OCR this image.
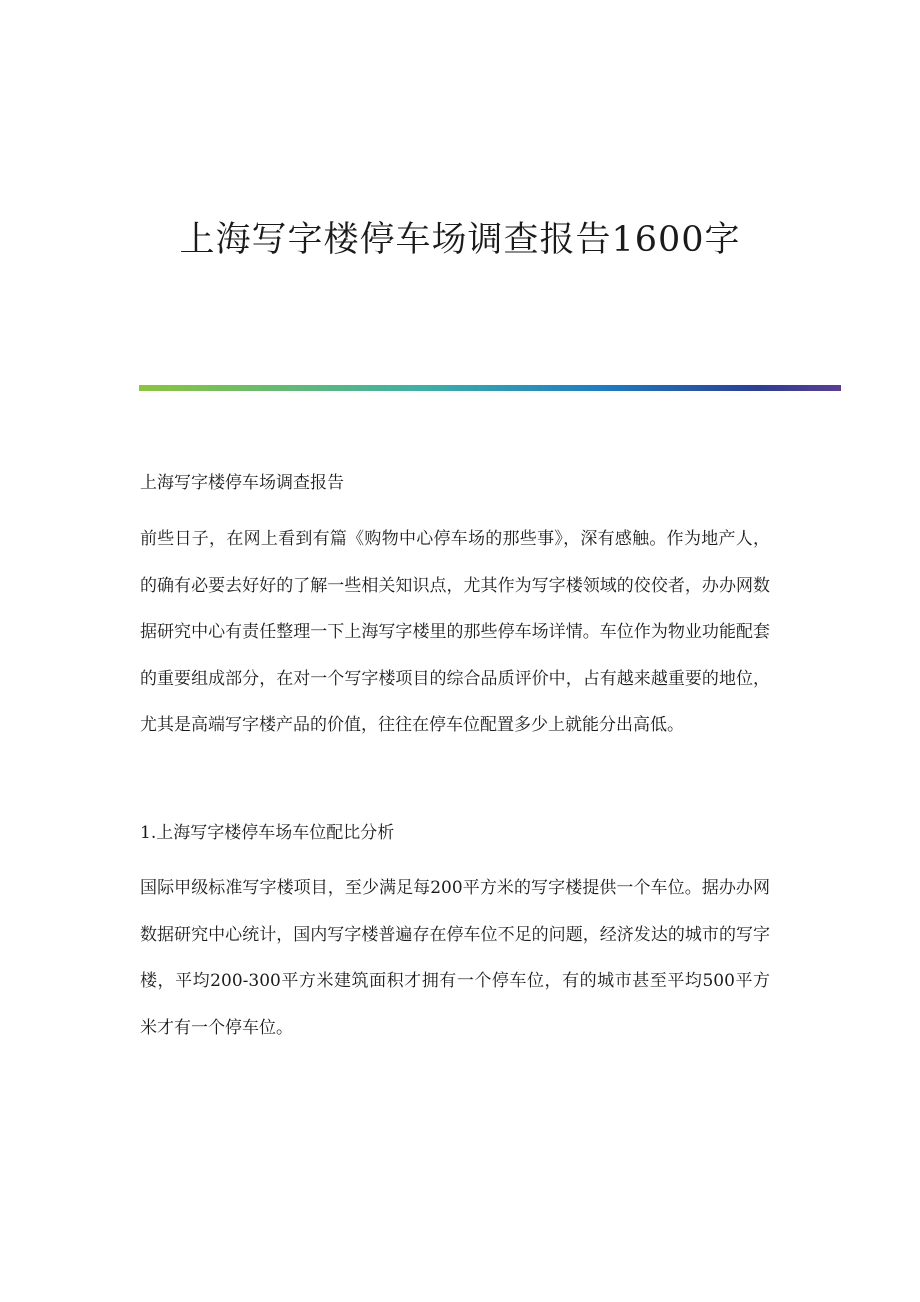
上海写字楼停车场调查报告1600字

上海写字楼停车场调查报告

前些日子，在网上看到有篇《购物中心停车场的那些事》，深有感触。作为地产人，的确有必要去好好的了解一些相关知识点，尤其作为写字楼领域的佼佼者，办办网数据研究中心有责任整理一下上海写字楼里的那些停车场详情。车位作为物业功能配套的重要组成部分，在对一个写字楼项目的综合品质评价中，占有越来越重要的地位，尤其是高端写字楼产品的价值，往往在停车位配置多少上就能分出高低。

1.上海写字楼停车场车位配比分析

国际甲级标准写字楼项目，至少满足每200平方米的写字楼提供一个车位。据办办网数据研究中心统计，国内写字楼普遍存在停车位不足的问题，经济发达的城市的写字楼，平均200-300平方米建筑面积才拥有一个停车位，有的城市甚至平均500平方米才有一个停车位。
